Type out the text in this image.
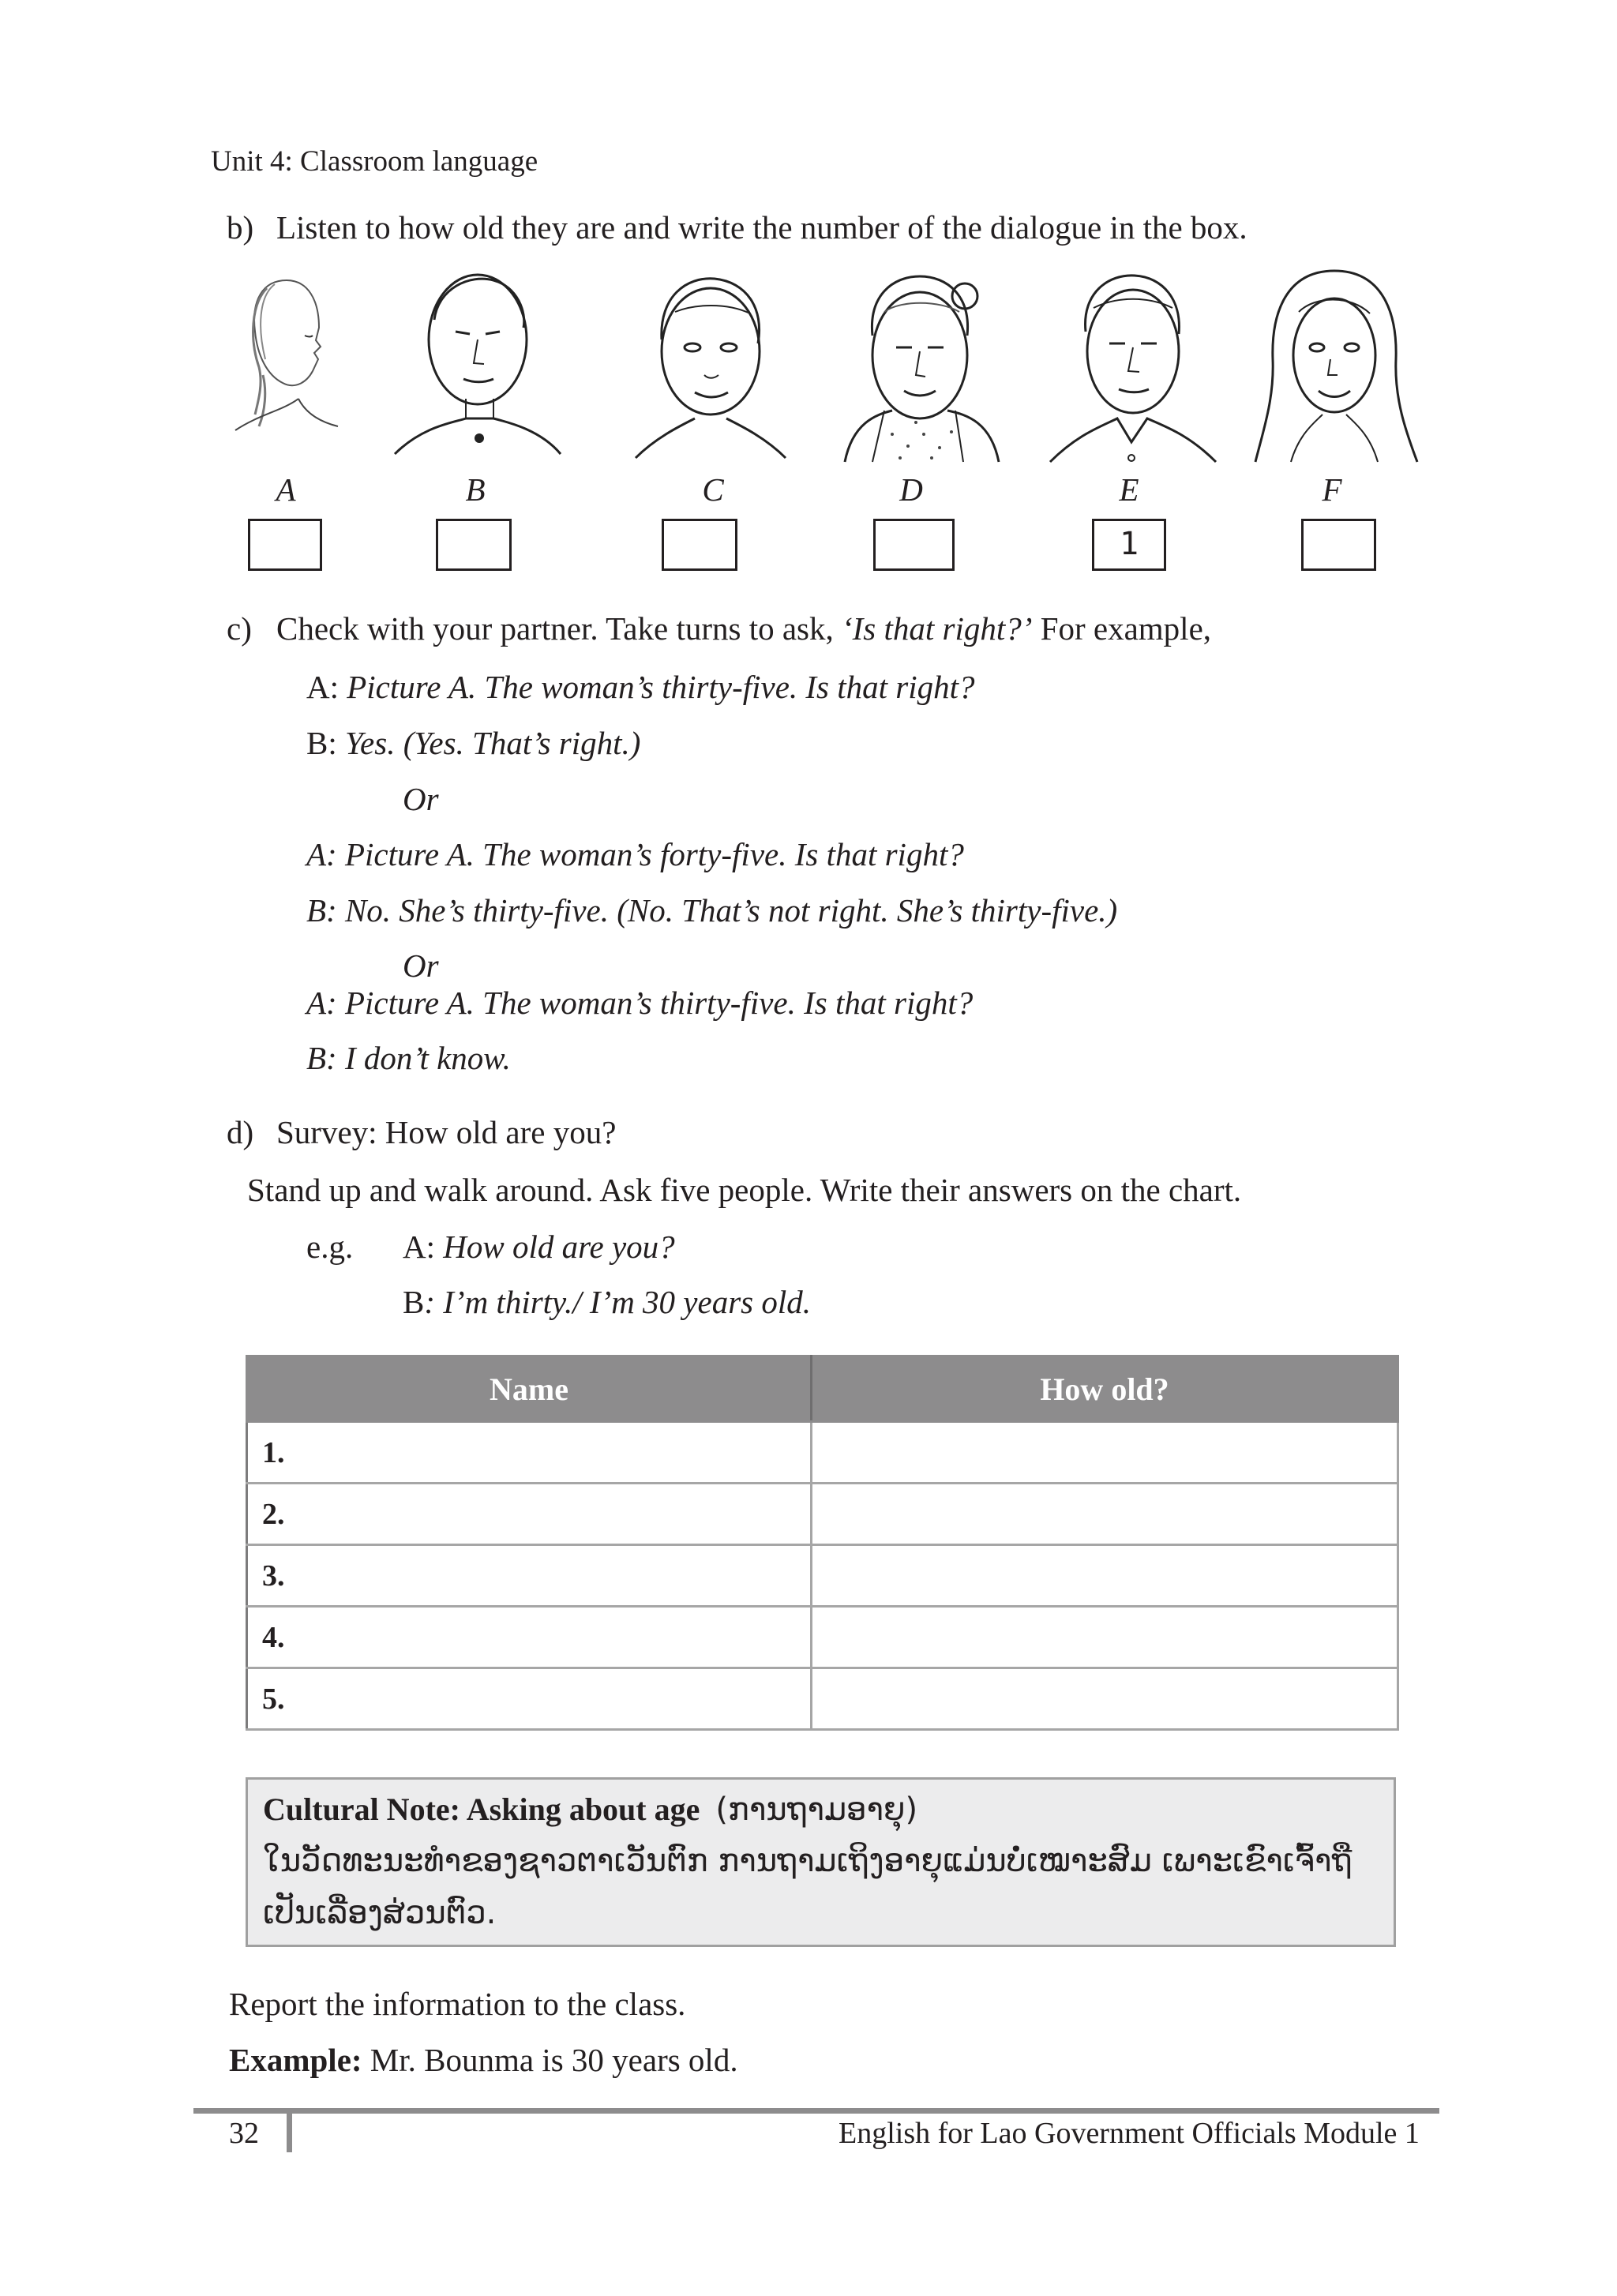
Unit 4: Classroom language
b) Listen to how old they are and write the number of the dialogue in the box.
A	B	C	D	E	F
1
c) Check with your partner. Take turns to ask, ‘Is that right?’ For example,
A: Picture A. The woman’s thirty-five. Is that right?
B: Yes. (Yes. That’s right.)
Or
A: Picture A. The woman’s forty-five. Is that right?
B: No. She’s thirty-five. (No. That’s not right. She’s thirty-five.)
Or
A: Picture A. The woman’s thirty-five. Is that right?
B: I don’t know.
d) Survey: How old are you?
Stand up and walk around. Ask five people. Write their answers on the chart.
e.g. A: How old are you?
B: I’m thirty./ I’m 30 years old.
Name	How old?
1.	
2.	
3.	
4.	
5.	
Cultural Note: Asking about age (ການຖາມອາຍຸ)
ໃນວັດທະນະທໍາຂອງຊາວຕາເວັນຕົກ ການຖາມເຖິງອາຍຸແມ່ນບໍ່ເໝາະສົມ ເພາະເຂົາເຈົ້າຖື
ເປັນເລື່ອງສ່ວນຕົວ.
Report the information to the class.
Example: Mr. Bounma is 30 years old.
32	English for Lao Government Officials Module 1
